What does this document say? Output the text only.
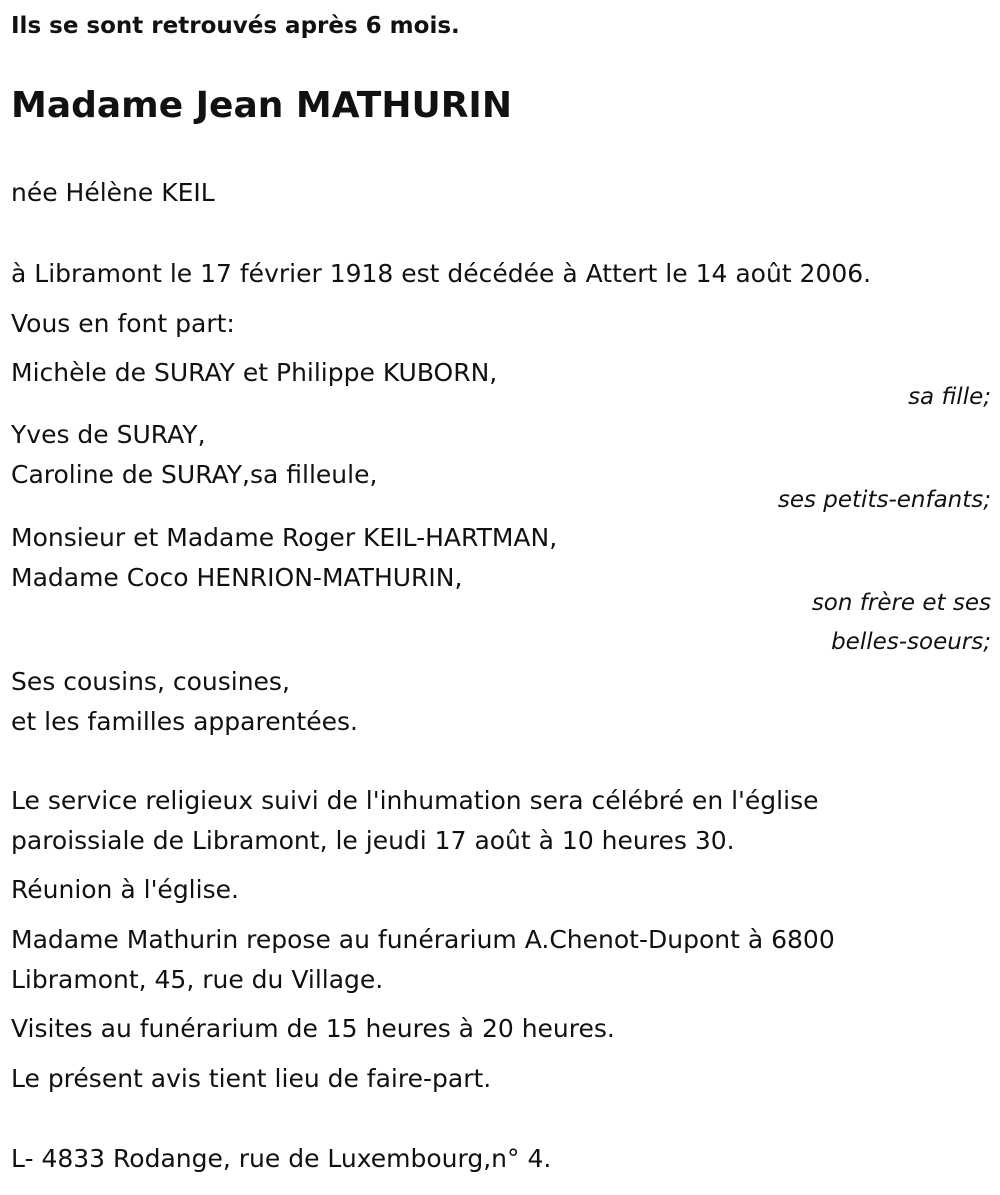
Ils se sont retrouvés après 6 mois.
Madame Jean MATHURIN
née Hélène KEIL
à Libramont le 17 février 1918 est décédée à Attert le 14 août 2006.
Vous en font part:
Michèle de SURAY et Philippe KUBORN,
sa fille;
Yves de SURAY,
Caroline de SURAY,sa filleule,
ses petits-enfants;
Monsieur et Madame Roger KEIL-HARTMAN,
Madame Coco HENRION-MATHURIN,
son frère et ses
belles-soeurs;
Ses cousins, cousines,
et les familles apparentées.
Le service religieux suivi de l'inhumation sera célébré en l'église
paroissiale de Libramont, le jeudi 17 août à 10 heures 30.
Réunion à l'église.
Madame Mathurin repose au funérarium A.Chenot-Dupont à 6800
Libramont, 45, rue du Village.
Visites au funérarium de 15 heures à 20 heures.
Le présent avis tient lieu de faire-part.
L- 4833 Rodange, rue de Luxembourg,n° 4.
